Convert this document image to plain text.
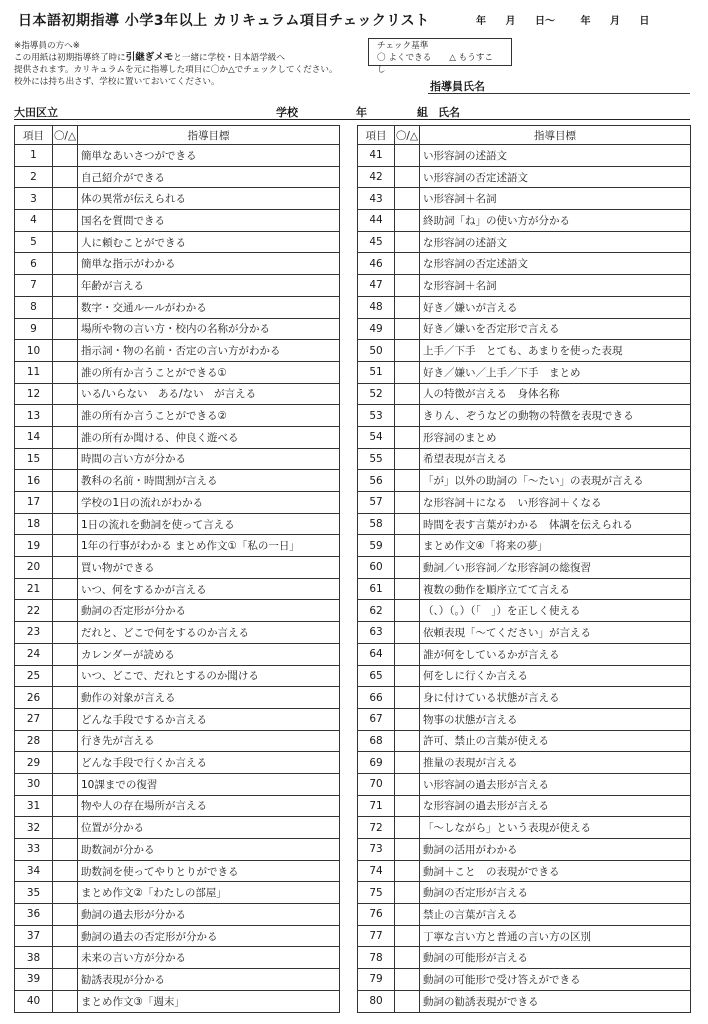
日本語初期指導 小学3年以上 カリキュラム項目チェックリスト	年 月 日～	年 月 日
※指導員の方へ※
この用紙は初期指導終了時に引継ぎメモと一緒に学校・日本語学級へ
提供されます。カリキュラムを元に指導した項目に〇か△でチェックしてください。
校外には持ち出さず、学校に置いておいてください。
チェック基準
〇 よくできる △ もうすこし
指導員氏名
大田区立	学校	年	組 氏名
項目	〇/△	指導目標
1		簡単なあいさつができる
2		自己紹介ができる
3		体の異常が伝えられる
4		国名を質問できる
5		人に頼むことができる
6		簡単な指示がわかる
7		年齢が言える
8		数字・交通ルールがわかる
9		場所や物の言い方・校内の名称が分かる
10		指示詞・物の名前・否定の言い方がわかる
11		誰の所有か言うことができる①
12		いる/いらない　ある/ない　が言える
13		誰の所有か言うことができる②
14		誰の所有か聞ける、仲良く遊べる
15		時間の言い方が分かる
16		教科の名前・時間割が言える
17		学校の1日の流れがわかる
18		1日の流れを動詞を使って言える
19		1年の行事がわかる まとめ作文①「私の一日」
20		買い物ができる
21		いつ、何をするかが言える
22		動詞の否定形が分かる
23		だれと、どこで何をするのか言える
24		カレンダーが読める
25		いつ、どこで、だれとするのか聞ける
26		動作の対象が言える
27		どんな手段でするか言える
28		行き先が言える
29		どんな手段で行くか言える
30		10課までの復習
31		物や人の存在場所が言える
32		位置が分かる
33		助数詞が分かる
34		助数詞を使ってやりとりができる
35		まとめ作文②「わたしの部屋」
36		動詞の過去形が分かる
37		動詞の過去の否定形が分かる
38		未来の言い方が分かる
39		勧誘表現が分かる
40		まとめ作文③「週末」
項目	〇/△	指導目標
41		い形容詞の述語文
42		い形容詞の否定述語文
43		い形容詞＋名詞
44		終助詞「ね」の使い方が分かる
45		な形容詞の述語文
46		な形容詞の否定述語文
47		な形容詞＋名詞
48		好き／嫌いが言える
49		好き／嫌いを否定形で言える
50		上手／下手　とても、あまりを使った表現
51		好き／嫌い／上手／下手　まとめ
52		人の特徴が言える　身体名称
53		きりん、ぞうなどの動物の特徴を表現できる
54		形容詞のまとめ
55		希望表現が言える
56		「が」以外の助詞の「～たい」の表現が言える
57		な形容詞＋になる　い形容詞＋くなる
58		時間を表す言葉がわかる　体調を伝えられる
59		まとめ作文④「将来の夢」
60		動詞／い形容詞／な形容詞の総復習
61		複数の動作を順序立てて言える
62		（、）（。）（「　」）を正しく使える
63		依頼表現「～てください」が言える
64		誰が何をしているかが言える
65		何をしに行くか言える
66		身に付けている状態が言える
67		物事の状態が言える
68		許可、禁止の言葉が使える
69		推量の表現が言える
70		い形容詞の過去形が言える
71		な形容詞の過去形が言える
72		「～しながら」という表現が使える
73		動詞の活用がわかる
74		動詞＋こと　の表現ができる
75		動詞の否定形が言える
76		禁止の言葉が言える
77		丁寧な言い方と普通の言い方の区別
78		動詞の可能形が言える
79		動詞の可能形で受け答えができる
80		動詞の勧誘表現ができる
